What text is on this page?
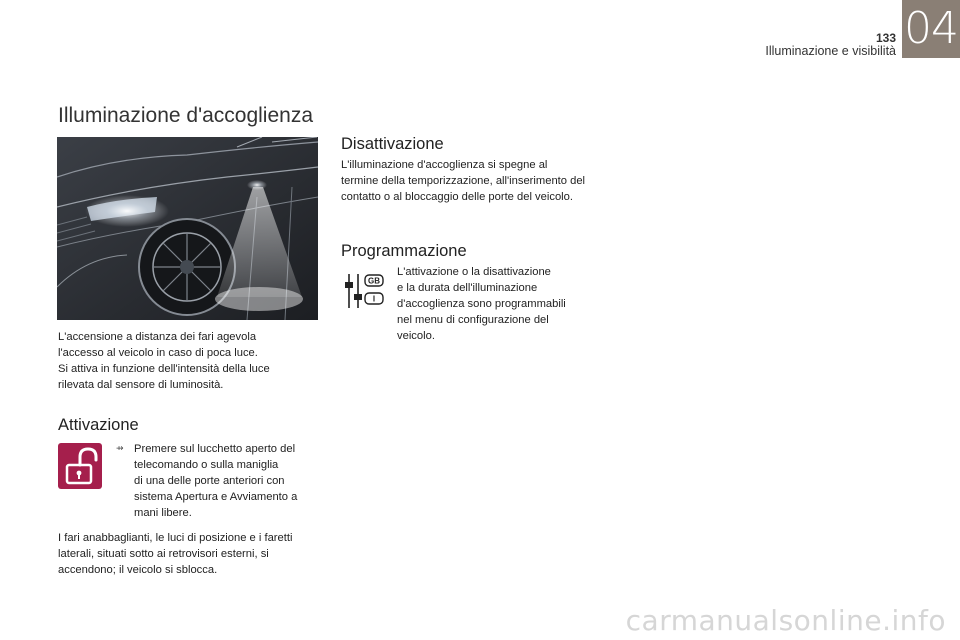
133
Illuminazione e visibilità 04
Illuminazione d'accoglienza

L'accensione a distanza dei fari agevola

l'accesso al veicolo in caso di poca luce.

Si attiva in funzione dell'intensità della luce

rilevata dal sensore di luminosità.

Attivazione
⇸ Premere sul lucchetto aperto del

telecomando o sulla maniglia

di una delle porte anteriori con

sistema Apertura e Avviamento a

mani libere.

I fari anabbaglianti, le luci di posizione e i faretti

laterali, situati sotto ai retrovisori esterni, si

accendono; il veicolo si sblocca.

Disattivazione

L'illuminazione d'accoglienza si spegne al

termine della temporizzazione, all'inserimento del

contatto o al bloccaggio delle porte del veicolo.

Programmazione
GB
I

L'attivazione o la disattivazione

e la durata dell'illuminazione

d'accoglienza sono programmabili

nel menu di configurazione del

veicolo.

carmanualsonline.info
